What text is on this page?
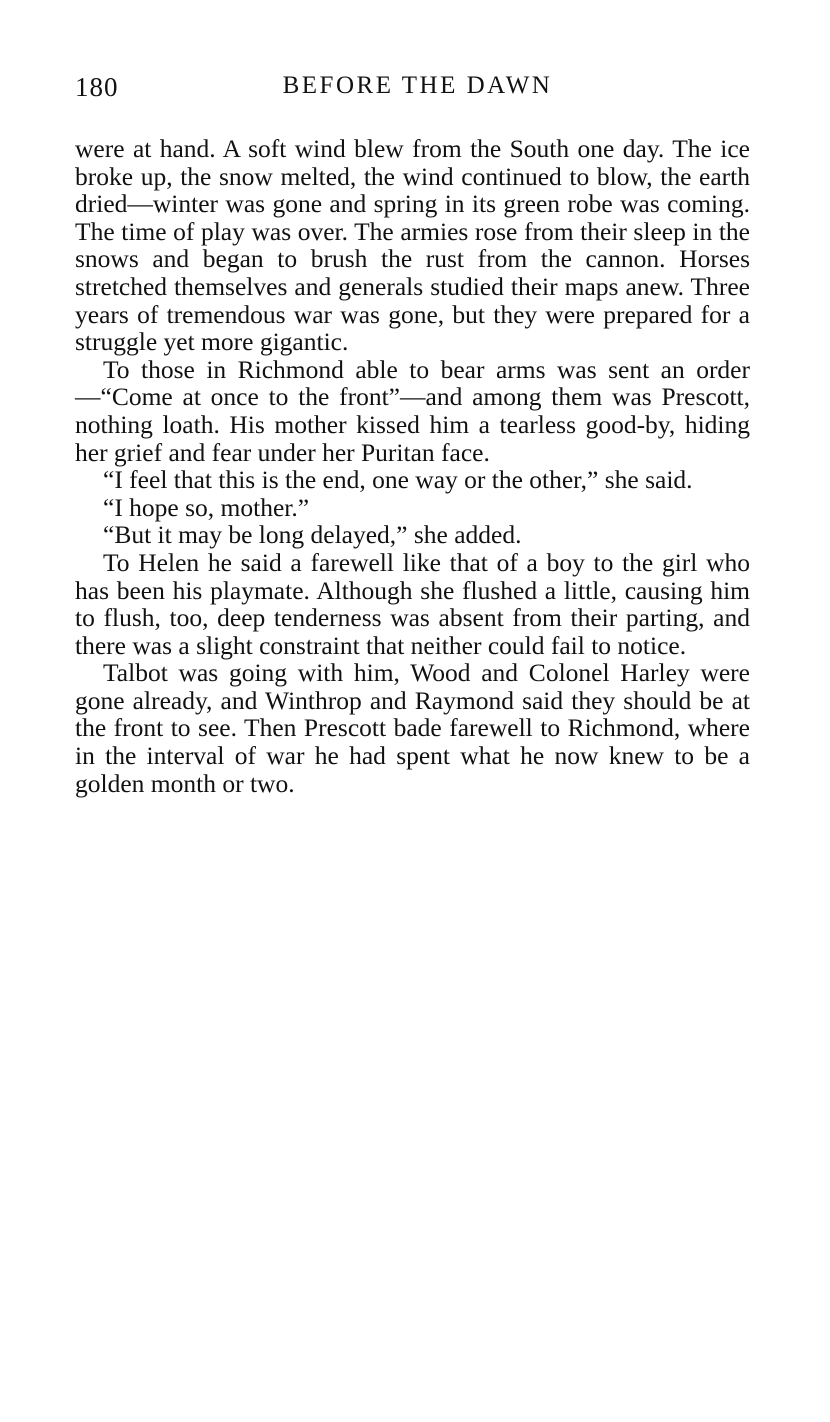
180	BEFORE THE DAWN

were at hand. A soft wind blew from the South one day. The ice broke up, the snow melted, the wind continued to blow, the earth dried—winter was gone and spring in its green robe was coming. The time of play was over. The armies rose from their sleep in the snows and began to brush the rust from the cannon. Horses stretched themselves and generals studied their maps anew. Three years of tremendous war was gone, but they were prepared for a struggle yet more gigantic.

To those in Richmond able to bear arms was sent an order—“Come at once to the front”—and among them was Prescott, nothing loath. His mother kissed him a tearless good-by, hiding her grief and fear under her Puritan face.

“I feel that this is the end, one way or the other,” she said.

“I hope so, mother.”

“But it may be long delayed,” she added.

To Helen he said a farewell like that of a boy to the girl who has been his playmate. Although she flushed a little, causing him to flush, too, deep tenderness was absent from their parting, and there was a slight constraint that neither could fail to notice.

Talbot was going with him, Wood and Colonel Harley were gone already, and Winthrop and Raymond said they should be at the front to see. Then Prescott bade farewell to Richmond, where in the interval of war he had spent what he now knew to be a golden month or two.
